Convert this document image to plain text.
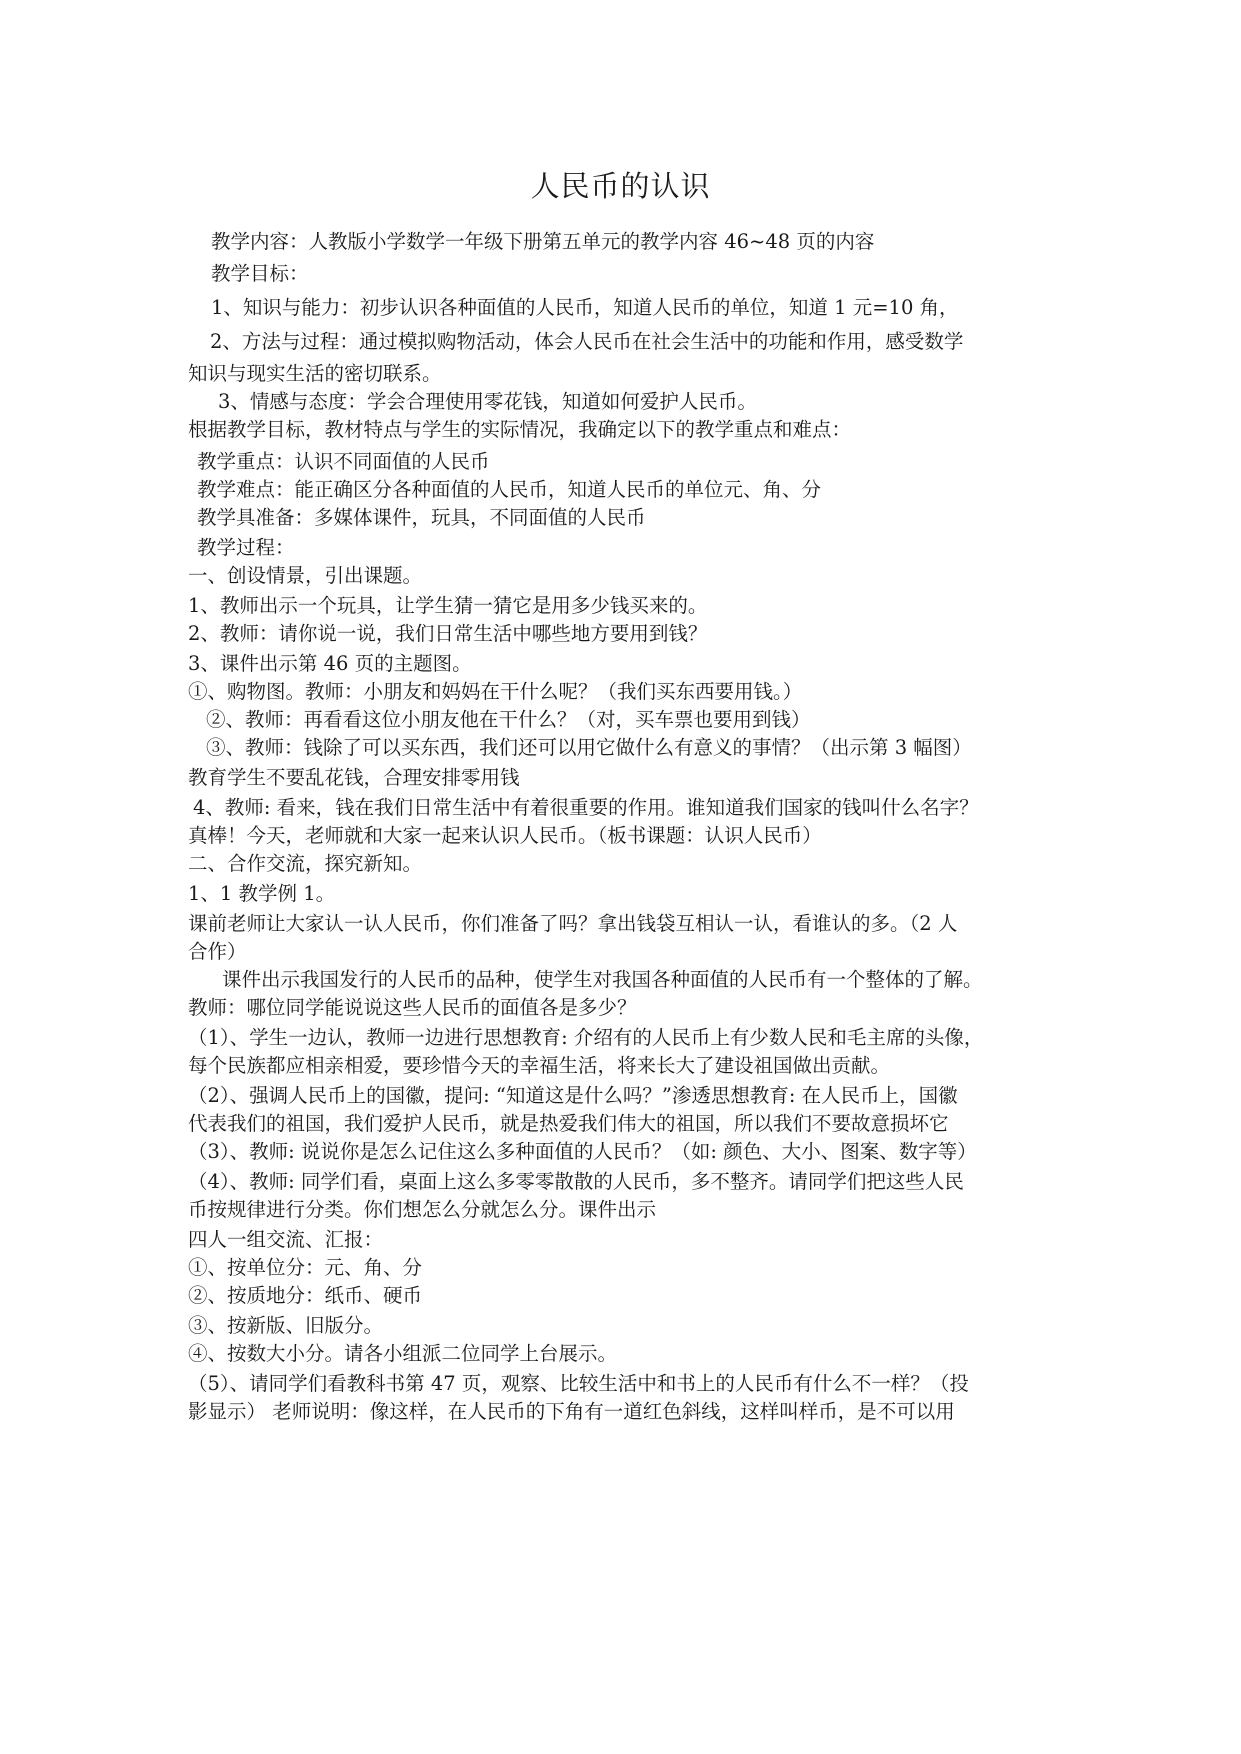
人民币的认识
教学内容：人教版小学数学一年级下册第五单元的教学内容 46~48 页的内容
教学目标：
1、知识与能力：初步认识各种面值的人民币，知道人民币的单位，知道 1 元=10 角，
2、方法与过程：通过模拟购物活动，体会人民币在社会生活中的功能和作用，感受数学
知识与现实生活的密切联系。
3、情感与态度：学会合理使用零花钱，知道如何爱护人民币。
根据教学目标，教材特点与学生的实际情况，我确定以下的教学重点和难点：
教学重点：认识不同面值的人民币
教学难点：能正确区分各种面值的人民币，知道人民币的单位元、角、分
教学具准备：多媒体课件，玩具，不同面值的人民币
教学过程：
一、创设情景，引出课题。
1、教师出示一个玩具，让学生猜一猜它是用多少钱买来的。
2、教师：请你说一说，我们日常生活中哪些地方要用到钱？
3、课件出示第 46 页的主题图。
①、购物图。教师：小朋友和妈妈在干什么呢？（我们买东西要用钱。）
②、教师：再看看这位小朋友他在干什么？（对，买车票也要用到钱）
③、教师：钱除了可以买东西，我们还可以用它做什么有意义的事情？（出示第 3 幅图）
教育学生不要乱花钱，合理安排零用钱
4、教师: 看来，钱在我们日常生活中有着很重要的作用。谁知道我们国家的钱叫什么名字？
真棒！今天，老师就和大家一起来认识人民币。（板书课题：认识人民币）
二、合作交流，探究新知。
1、1 教学例 1。
课前老师让大家认一认人民币，你们准备了吗？拿出钱袋互相认一认，看谁认的多。（2 人
合作）
课件出示我国发行的人民币的品种，使学生对我国各种面值的人民币有一个整体的了解。
教师：哪位同学能说说这些人民币的面值各是多少？
（1）、学生一边认，教师一边进行思想教育: 介绍有的人民币上有少数人民和毛主席的头像，
每个民族都应相亲相爱，要珍惜今天的幸福生活，将来长大了建设祖国做出贡献。
（2）、强调人民币上的国徽，提问: “知道这是什么吗？”渗透思想教育: 在人民币上，国徽
代表我们的祖国，我们爱护人民币，就是热爱我们伟大的祖国，所以我们不要故意损坏它
（3）、教师: 说说你是怎么记住这么多种面值的人民币？（如: 颜色、大小、图案、数字等）
（4）、教师: 同学们看，桌面上这么多零零散散的人民币，多不整齐。请同学们把这些人民
币按规律进行分类。你们想怎么分就怎么分。课件出示
四人一组交流、汇报：
①、按单位分：元、角、分
②、按质地分：纸币、硬币
③、按新版、旧版分。
④、按数大小分。请各小组派二位同学上台展示。
（5）、请同学们看教科书第 47 页，观察、比较生活中和书上的人民币有什么不一样？（投
影显示） 老师说明：像这样，在人民币的下角有一道红色斜线，这样叫样币，是不可以用
